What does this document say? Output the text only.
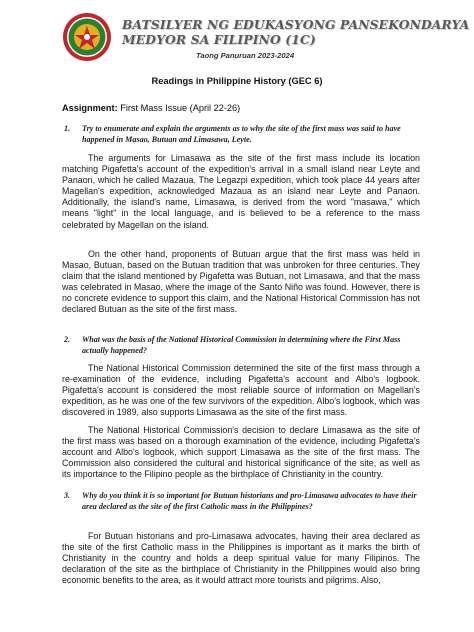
BATSILYER NG EDUKASYONG PANSEKONDARYA
MEDYOR SA FILIPINO (1C)
Taong Panuruan 2023-2024
Readings in Philippine History (GEC 6)
Assignment: First Mass Issue (April 22-26)
1.	Try to enumerate and explain the arguments as to why the site of the first mass was said to have happened in Masao, Butuan and Limasawa, Leyte.

The arguments for Limasawa as the site of the first mass include its location matching Pigafetta's account of the expedition's arrival in a small island near Leyte and Panaon, which he called Mazaua. The Legazpi expedition, which took place 44 years after Magellan's expedition, acknowledged Mazaua as an island near Leyte and Panaon. Additionally, the island's name, Limasawa, is derived from the word "masawa," which means "light" in the local language, and is believed to be a reference to the mass celebrated by Magellan on the island.

On the other hand, proponents of Butuan argue that the first mass was held in Masao, Butuan, based on the Butuan tradition that was unbroken for three centuries. They claim that the island mentioned by Pigafetta was Butuan, not Limasawa, and that the mass was celebrated in Masao, where the image of the Santo Niño was found. However, there is no concrete evidence to support this claim, and the National Historical Commission has not declared Butuan as the site of the first mass.

2.	What was the basis of the National Historical Commission in determining where the First Mass actually happened?

The National Historical Commission determined the site of the first mass through a re-examination of the evidence, including Pigafetta's account and Albo's logbook. Pigafetta's account is considered the most reliable source of information on Magellan's expedition, as he was one of the few survivors of the expedition. Albo's logbook, which was discovered in 1989, also supports Limasawa as the site of the first mass.

The National Historical Commission's decision to declare Limasawa as the site of the first mass was based on a thorough examination of the evidence, including Pigafetta's account and Albo's logbook, which support Limasawa as the site of the first mass. The Commission also considered the cultural and historical significance of the site, as well as its importance to the Filipino people as the birthplace of Christianity in the country.

3.	Why do you think it is so important for Butuan historians and pro-Limasawa advocates to have their area declared as the site of the first Catholic mass in the Philippines?

For Butuan historians and pro-Limasawa advocates, having their area declared as the site of the first Catholic mass in the Philippines is important as it marks the birth of Christianity in the country and holds a deep spiritual value for many Filipinos. The declaration of the site as the birthplace of Christianity in the Philippines would also bring economic benefits to the area, as it would attract more tourists and pilgrims. Also,
